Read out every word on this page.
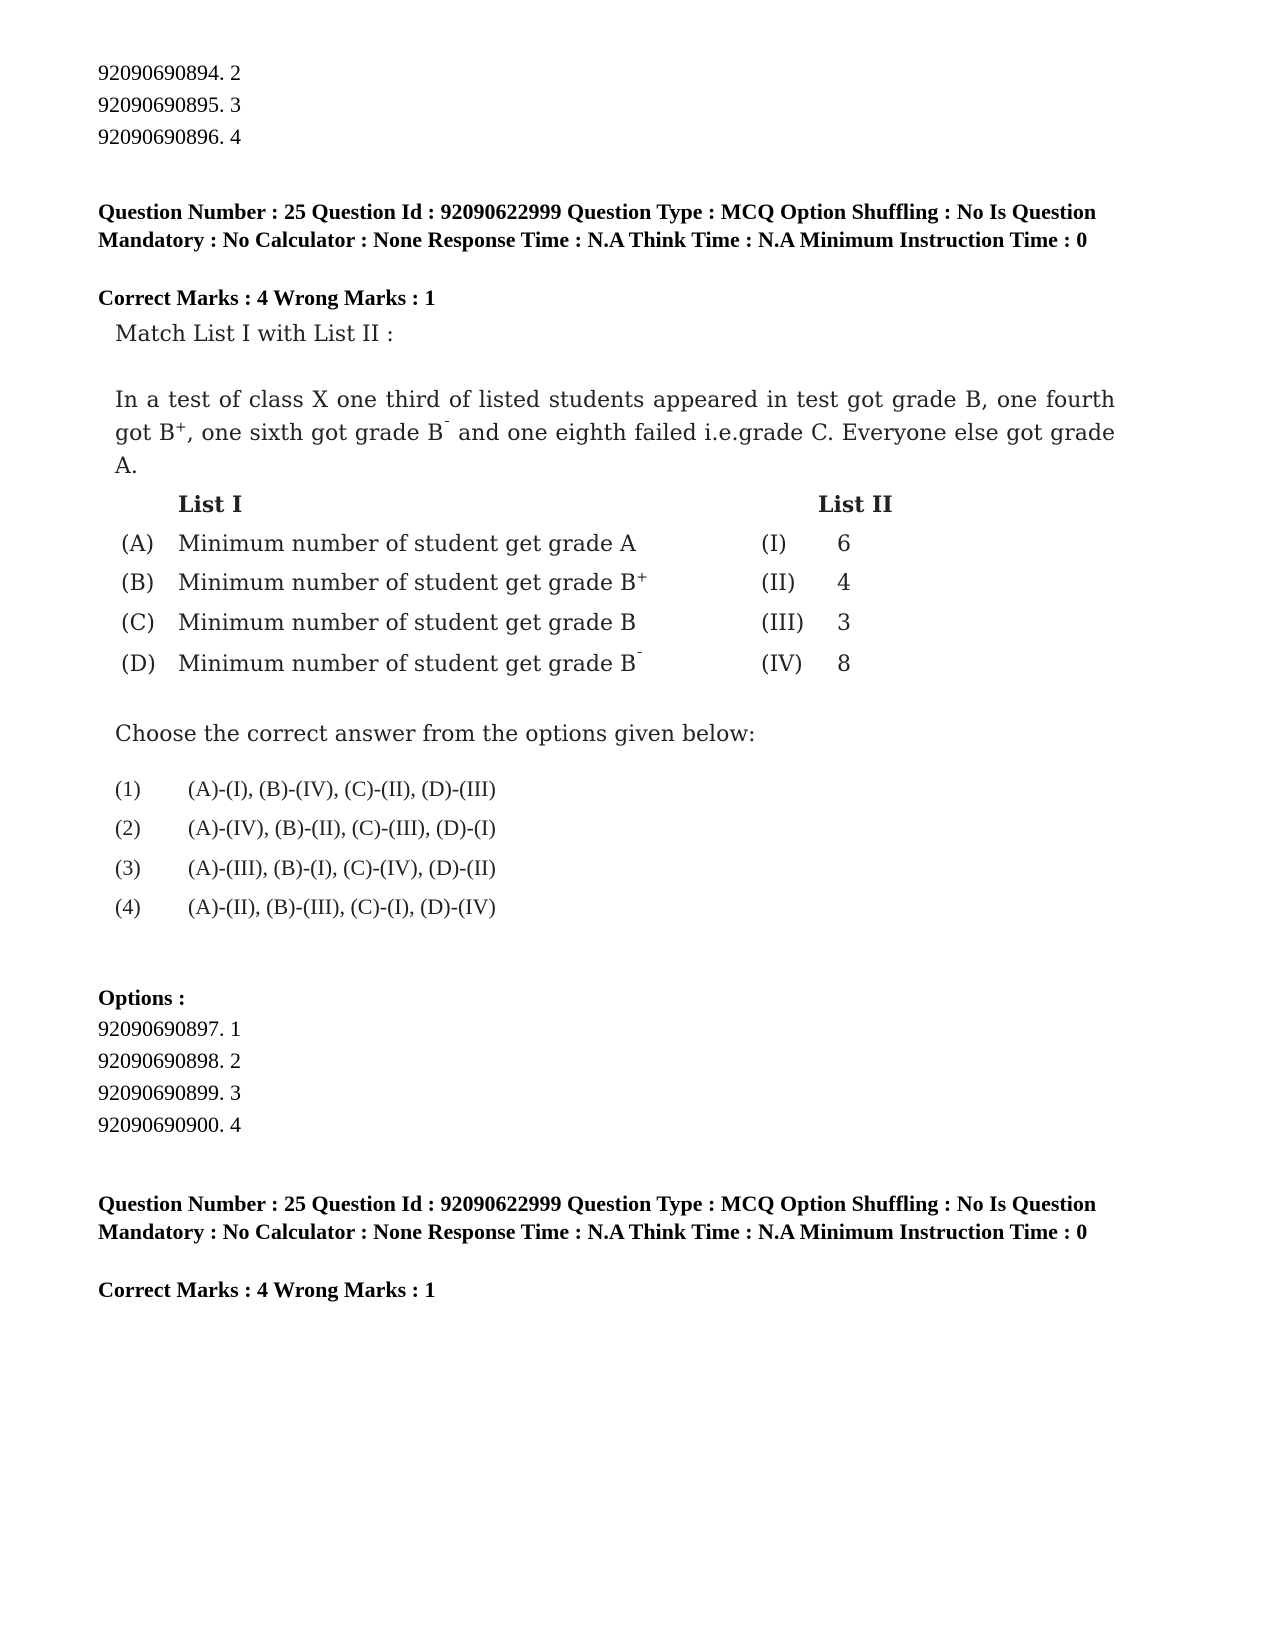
92090690894. 2
92090690895. 3
92090690896. 4
Question Number : 25 Question Id : 92090622999 Question Type : MCQ Option Shuffling : No Is Question Mandatory : No Calculator : None Response Time : N.A Think Time : N.A Minimum Instruction Time : 0
Correct Marks : 4 Wrong Marks : 1
Match List I with List II :
In a test of class X one third of listed students appeared in test got grade B, one fourth got B+, one sixth got grade B¯ and one eighth failed i.e.grade C. Everyone else got grade A.
List I	List II
(A) Minimum number of student get grade A	(I) 6
(B) Minimum number of student get grade B+	(II) 4
(C) Minimum number of student get grade B	(III) 3
(D) Minimum number of student get grade B¯	(IV) 8
Choose the correct answer from the options given below:
(1) (A)-(I), (B)-(IV), (C)-(II), (D)-(III)
(2) (A)-(IV), (B)-(II), (C)-(III), (D)-(I)
(3) (A)-(III), (B)-(I), (C)-(IV), (D)-(II)
(4) (A)-(II), (B)-(III), (C)-(I), (D)-(IV)
Options :
92090690897. 1
92090690898. 2
92090690899. 3
92090690900. 4
Question Number : 25 Question Id : 92090622999 Question Type : MCQ Option Shuffling : No Is Question Mandatory : No Calculator : None Response Time : N.A Think Time : N.A Minimum Instruction Time : 0
Correct Marks : 4 Wrong Marks : 1
